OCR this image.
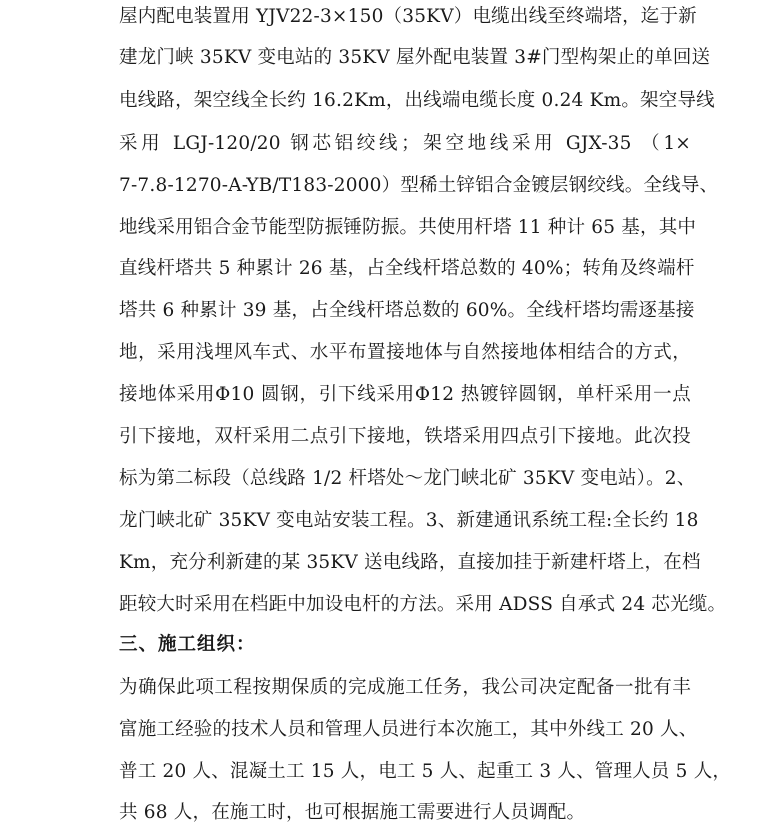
屋内配电装置用 YJV22-3×150（35KV）电缆出线至终端塔，迄于新
建龙门峡 35KV 变电站的 35KV 屋外配电装置 3#门型构架止的单回送
电线路，架空线全长约 16.2Km，出线端电缆长度 0.24 Km。架空导线
采用 LGJ-120/20 钢芯铝绞线；架空地线采用 GJX-35 （1×
7-7.8-1270-A-YB/T183-2000）型稀土锌铝合金镀层钢绞线。全线导、
地线采用铝合金节能型防振锤防振。共使用杆塔 11 种计 65 基，其中
直线杆塔共 5 种累计 26 基，占全线杆塔总数的 40%；转角及终端杆
塔共 6 种累计 39 基，占全线杆塔总数的 60%。全线杆塔均需逐基接
地，采用浅埋风车式、水平布置接地体与自然接地体相结合的方式，
接地体采用Φ10 圆钢，引下线采用Φ12 热镀锌圆钢，单杆采用一点
引下接地，双杆采用二点引下接地，铁塔采用四点引下接地。此次投
标为第二标段（总线路 1/2 杆塔处～龙门峡北矿 35KV 变电站）。2、
龙门峡北矿 35KV 变电站安装工程。3、新建通讯系统工程:全长约 18
Km，充分利新建的某 35KV 送电线路，直接加挂于新建杆塔上，在档
距较大时采用在档距中加设电杆的方法。采用 ADSS 自承式 24 芯光缆。
三、施工组织：
为确保此项工程按期保质的完成施工任务，我公司决定配备一批有丰
富施工经验的技术人员和管理人员进行本次施工，其中外线工 20 人、
普工 20 人、混凝土工 15 人，电工 5 人、起重工 3 人、管理人员 5 人，
共 68 人，在施工时，也可根据施工需要进行人员调配。
